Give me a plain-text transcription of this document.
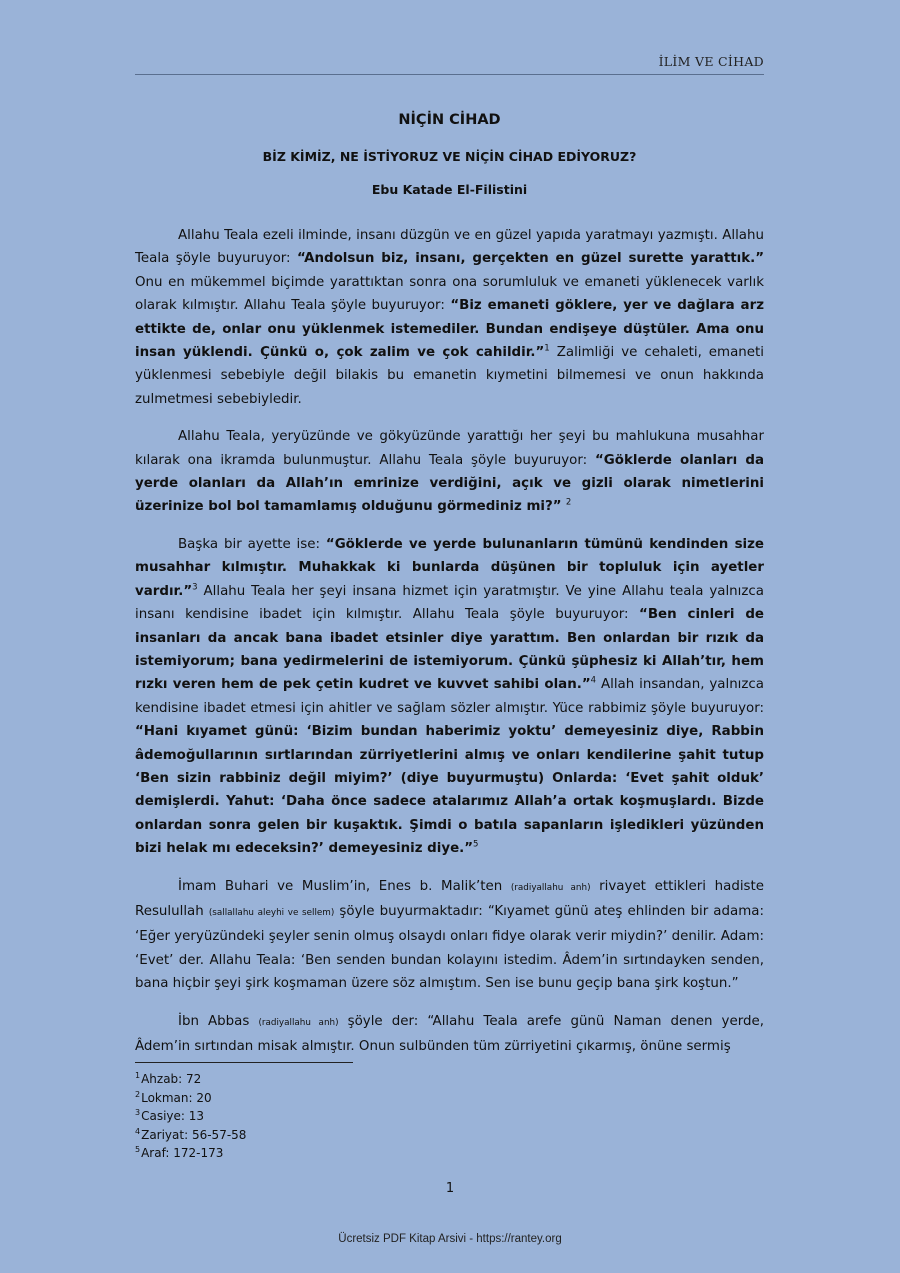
İLİM VE CİHAD
NİÇİN CİHAD
BİZ KİMİZ, NE İSTİYORUZ VE NİÇİN CİHAD EDİYORUZ?
Ebu Katade El-Filistini

Allahu Teala ezeli ilminde, insanı düzgün ve en güzel yapıda yaratmayı yazmıştı. Allahu Teala şöyle buyuruyor: “Andolsun biz, insanı, gerçekten en güzel surette yarattık.” Onu en mükemmel biçimde yarattıktan sonra ona sorumluluk ve emaneti yüklenecek varlık olarak kılmıştır. Allahu Teala şöyle buyuruyor: “Biz emaneti göklere, yer ve dağlara arz ettikte de, onlar onu yüklenmek istemediler. Bundan endişeye düştüler. Ama onu insan yüklendi. Çünkü o, çok zalim ve çok cahildir.”$^1$ Zalimliği ve cehaleti, emaneti yüklenmesi sebebiyle değil bilakis bu emanetin kıymetini bilmemesi ve onun hakkında zulmetmesi sebebiyledir.

Allahu Teala, yeryüzünde ve gökyüzünde yarattığı her şeyi bu mahlukuna musahhar kılarak ona ikramda bulunmuştur. Allahu Teala şöyle buyuruyor: “Göklerde olanları da yerde olanları da Allah’ın emrinize verdiğini, açık ve gizli olarak nimetlerini üzerinize bol bol tamamlamış olduğunu görmediniz mi?” $^2$

Başka bir ayette ise: “Göklerde ve yerde bulunanların tümünü kendinden size musahhar kılmıştır. Muhakkak ki bunlarda düşünen bir topluluk için ayetler vardır.”$^3$ Allahu Teala her şeyi insana hizmet için yaratmıştır. Ve yine Allahu teala yalnızca insanı kendisine ibadet için kılmıştır. Allahu Teala şöyle buyuruyor: “Ben cinleri de insanları da ancak bana ibadet etsinler diye yarattım. Ben onlardan bir rızık da istemiyorum; bana yedirmelerini de istemiyorum. Çünkü şüphesiz ki Allah’tır, hem rızkı veren hem de pek çetin kudret ve kuvvet sahibi olan.”$^4$ Allah insandan, yalnızca kendisine ibadet etmesi için ahitler ve sağlam sözler almıştır. Yüce rabbimiz şöyle buyuruyor: “Hani kıyamet günü: ‘Bizim bundan haberimiz yoktu’ demeyesiniz diye, Rabbin âdemoğullarının sırtlarından zürriyetlerini almış ve onları kendilerine şahit tutup ‘Ben sizin rabbiniz değil miyim?’ (diye buyurmuştu) Onlarda: ‘Evet şahit olduk’ demişlerdi. Yahut: ‘Daha önce sadece atalarımız Allah’a ortak koşmuşlardı. Bizde onlardan sonra gelen bir kuşaktık. Şimdi o batıla sapanların işledikleri yüzünden bizi helak mı edeceksin?’ demeyesiniz diye.”$^5$

İmam Buhari ve Muslim’in, Enes b. Malik’ten (radiyallahu anh) rivayet ettikleri hadiste Resulullah (sallallahu aleyhi ve sellem) şöyle buyurmaktadır: “Kıyamet günü ateş ehlinden bir adama: ‘Eğer yeryüzündeki şeyler senin olmuş olsaydı onları fidye olarak verir miydin?’ denilir. Adam: ‘Evet’ der. Allahu Teala: ‘Ben senden bundan kolayını istedim. Âdem’in sırtındayken senden, bana hiçbir şeyi şirk koşmaman üzere söz almıştım. Sen ise bunu geçip bana şirk koştun.”

İbn Abbas (radiyallahu anh) şöyle der: “Allahu Teala arefe günü Naman denen yerde, Âdem’in sırtından misak almıştır. Onun sulbünden tüm zürriyetini çıkarmış, önüne sermiş

$^1$Ahzab: 72
$^2$Lokman: 20
$^3$Casiye: 13
$^4$Zariyat: 56-57-58
$^5$Araf: 172-173
1
Ücretsiz PDF Kitap Arsivi - https://rantey.org
